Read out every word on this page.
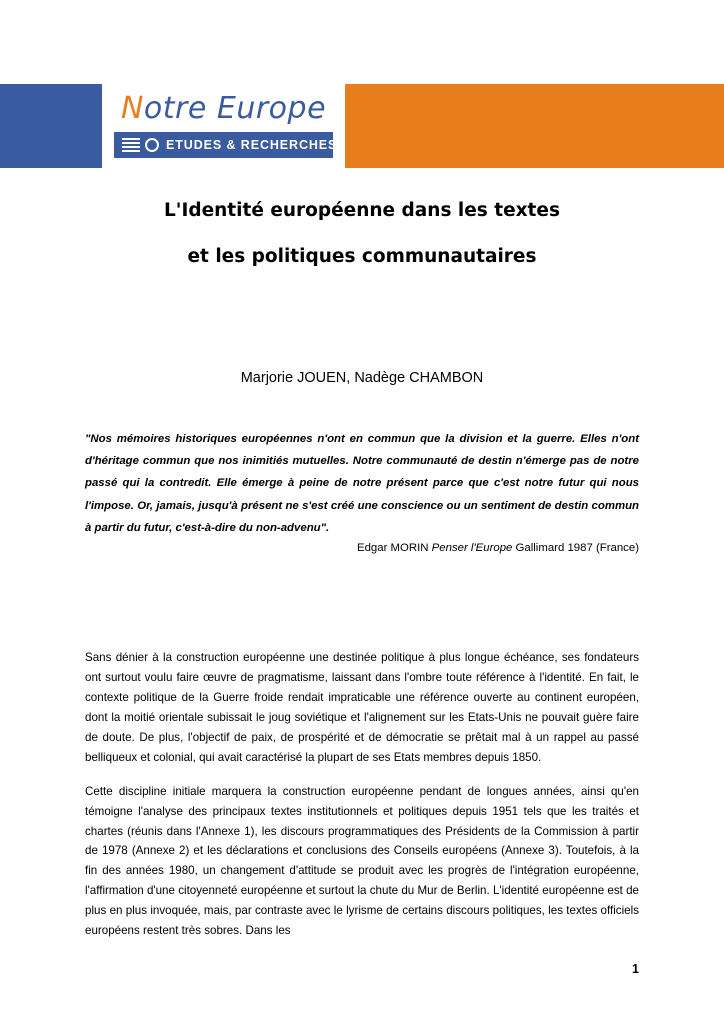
Notre Europe
ETUDES & RECHERCHES
L'Identité européenne dans les textes
et les politiques communautaires
Marjorie JOUEN, Nadège CHAMBON
"Nos mémoires historiques européennes n'ont en commun que la division et la guerre. Elles n'ont d'héritage commun que nos inimitiés mutuelles. Notre communauté de destin n'émerge pas de notre passé qui la contredit. Elle émerge à peine de notre présent parce que c'est notre futur qui nous l'impose. Or, jamais, jusqu'à présent ne s'est créé une conscience ou un sentiment de destin commun à partir du futur, c'est-à-dire du non-advenu".
Edgar MORIN Penser l'Europe Gallimard 1987 (France)

Sans dénier à la construction européenne une destinée politique à plus longue échéance, ses fondateurs ont surtout voulu faire œuvre de pragmatisme, laissant dans l'ombre toute référence à l'identité. En fait, le contexte politique de la Guerre froide rendait impraticable une référence ouverte au continent européen, dont la moitié orientale subissait le joug soviétique et l'alignement sur les Etats-Unis ne pouvait guère faire de doute. De plus, l'objectif de paix, de prospérité et de démocratie se prêtait mal à un rappel au passé belliqueux et colonial, qui avait caractérisé la plupart de ses Etats membres depuis 1850.

Cette discipline initiale marquera la construction européenne pendant de longues années, ainsi qu'en témoigne l'analyse des principaux textes institutionnels et politiques depuis 1951 tels que les traités et chartes (réunis dans l'Annexe 1), les discours programmatiques des Présidents de la Commission à partir de 1978 (Annexe 2) et les déclarations et conclusions des Conseils européens (Annexe 3). Toutefois, à la fin des années 1980, un changement d'attitude se produit avec les progrès de l'intégration européenne, l'affirmation d'une citoyenneté européenne et surtout la chute du Mur de Berlin. L'identité européenne est de plus en plus invoquée, mais, par contraste avec le lyrisme de certains discours politiques, les textes officiels européens restent très sobres. Dans les

1
